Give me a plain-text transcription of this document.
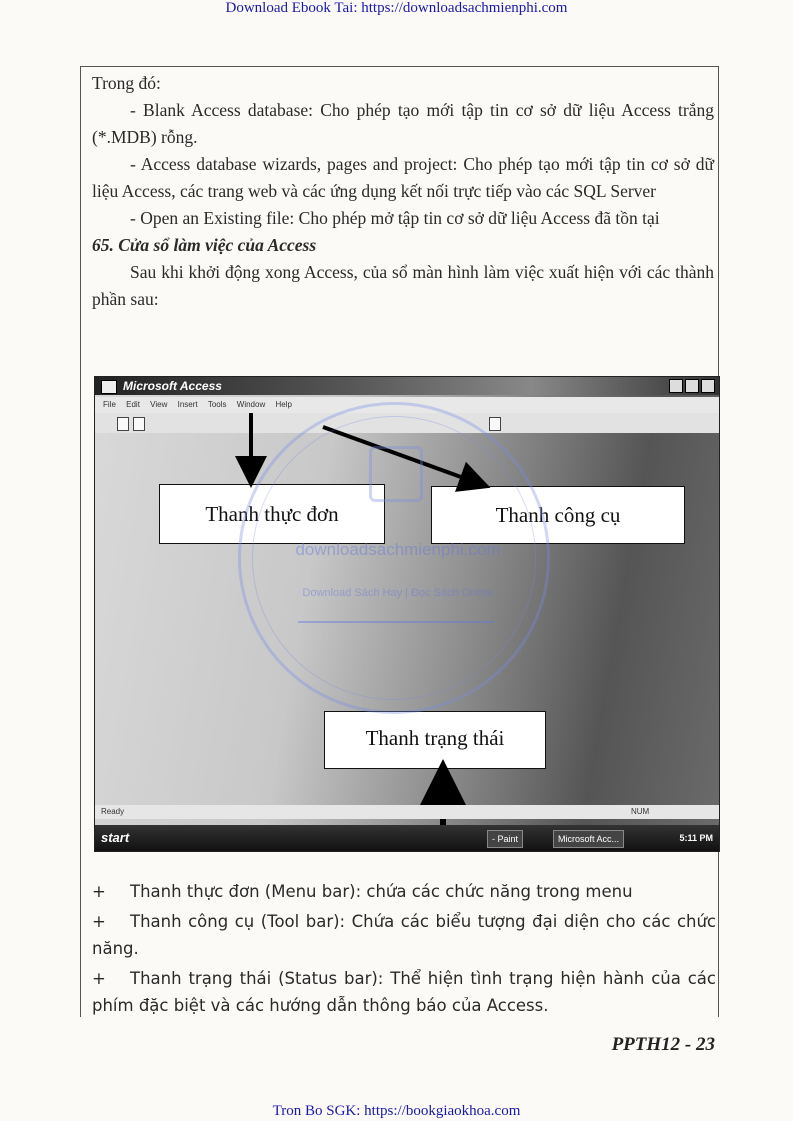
Download Ebook Tai: https://downloadsachmienphi.com

Trong đó:

- Blank Access database: Cho phép tạo mới tập tin cơ sở dữ liệu Access trắng (*.MDB) rỗng.

- Access database wizards, pages and project: Cho phép tạo mới tập tin cơ sở dữ liệu Access, các trang web và các ứng dụng kết nối trực tiếp vào các SQL Server

- Open an Existing file: Cho phép mở tập tin cơ sở dữ liệu Access đã tồn tại

65. Cửa sổ làm việc của Access

Sau khi khởi động xong Access, của sổ màn hình làm việc xuất hiện với các thành phần sau:

Microsoft Access
File Edit View Insert Tools Window Help
Thanh thực đơn	Thanh công cụ
Thanh trạng thái
Ready	NUM
start	- Paint	Microsoft Acc...	5:11 PM
downloadsachmienphi.com
Download Sách Hay | Đọc Sách Online

+ Thanh thực đơn (Menu bar): chứa các chức năng trong menu

+ Thanh công cụ (Tool bar): Chứa các biểu tượng đại diện cho các chức năng.

+ Thanh trạng thái (Status bar): Thể hiện tình trạng hiện hành của các phím đặc biệt và các hướng dẫn thông báo của Access.

PPTH12 - 23
Tron Bo SGK: https://bookgiaokhoa.com
